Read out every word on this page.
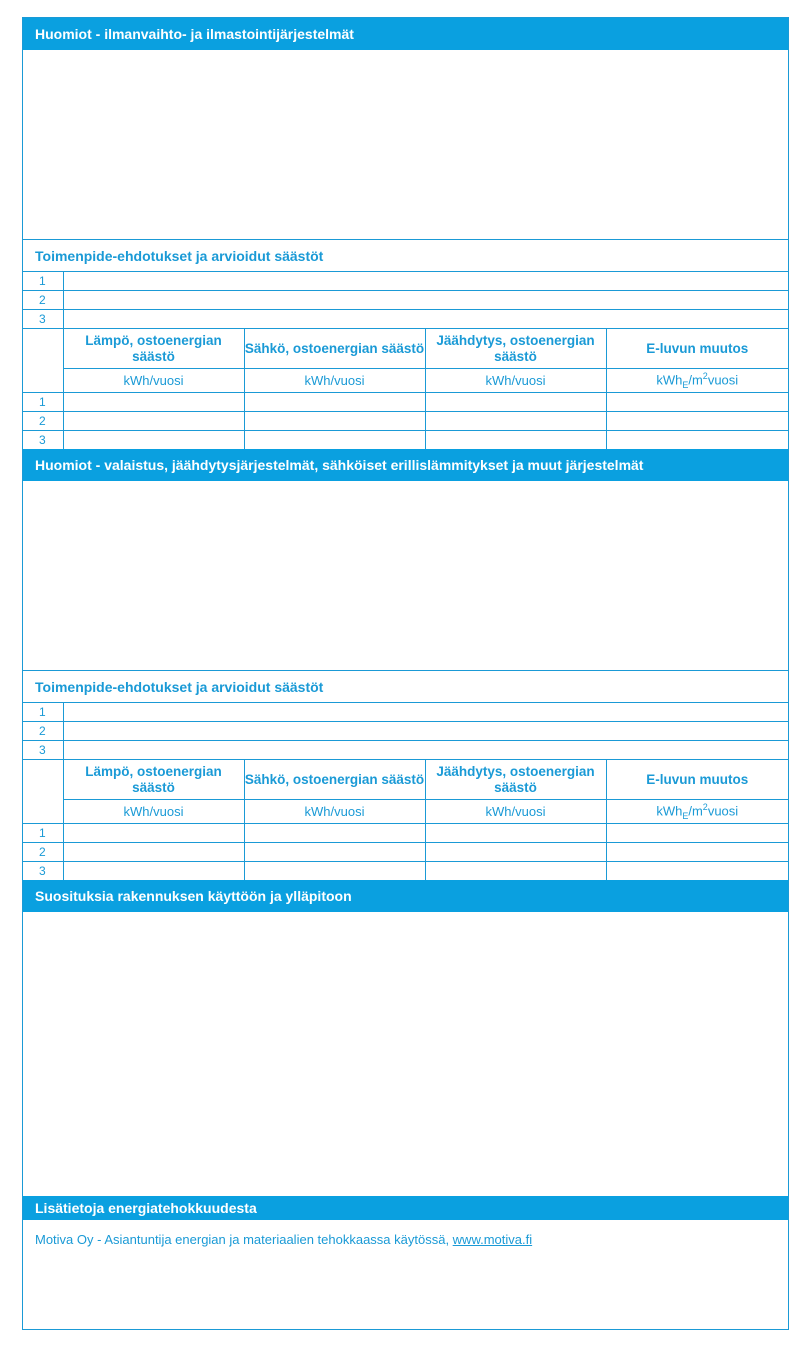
Huomiot - ilmanvaihto- ja ilmastointijärjestelmät
Toimenpide-ehdotukset ja arvioidut säästöt
1				
2				
3				
	Lämpö, ostoenergian säästö	Sähkö, ostoenergian säästö	Jäähdytys, ostoenergian säästö	E-luvun muutos
	kWh/vuosi	kWh/vuosi	kWh/vuosi	$kWh_E/m^2vuosi$
1				
2				
3				
Huomiot - valaistus, jäähdytysjärjestelmät, sähköiset erillislämmitykset ja muut järjestelmät
Toimenpide-ehdotukset ja arvioidut säästöt
1				
2				
3				
	Lämpö, ostoenergian säästö	Sähkö, ostoenergian säästö	Jäähdytys, ostoenergian säästö	E-luvun muutos
	kWh/vuosi	kWh/vuosi	kWh/vuosi	$kWh_E/m^2vuosi$
1				
2				
3				
Suosituksia rakennuksen käyttöön ja ylläpitoon
Lisätietoja energiatehokkuudesta
Motiva Oy - Asiantuntija energian ja materiaalien tehokkaassa käytössä, www.motiva.fi
